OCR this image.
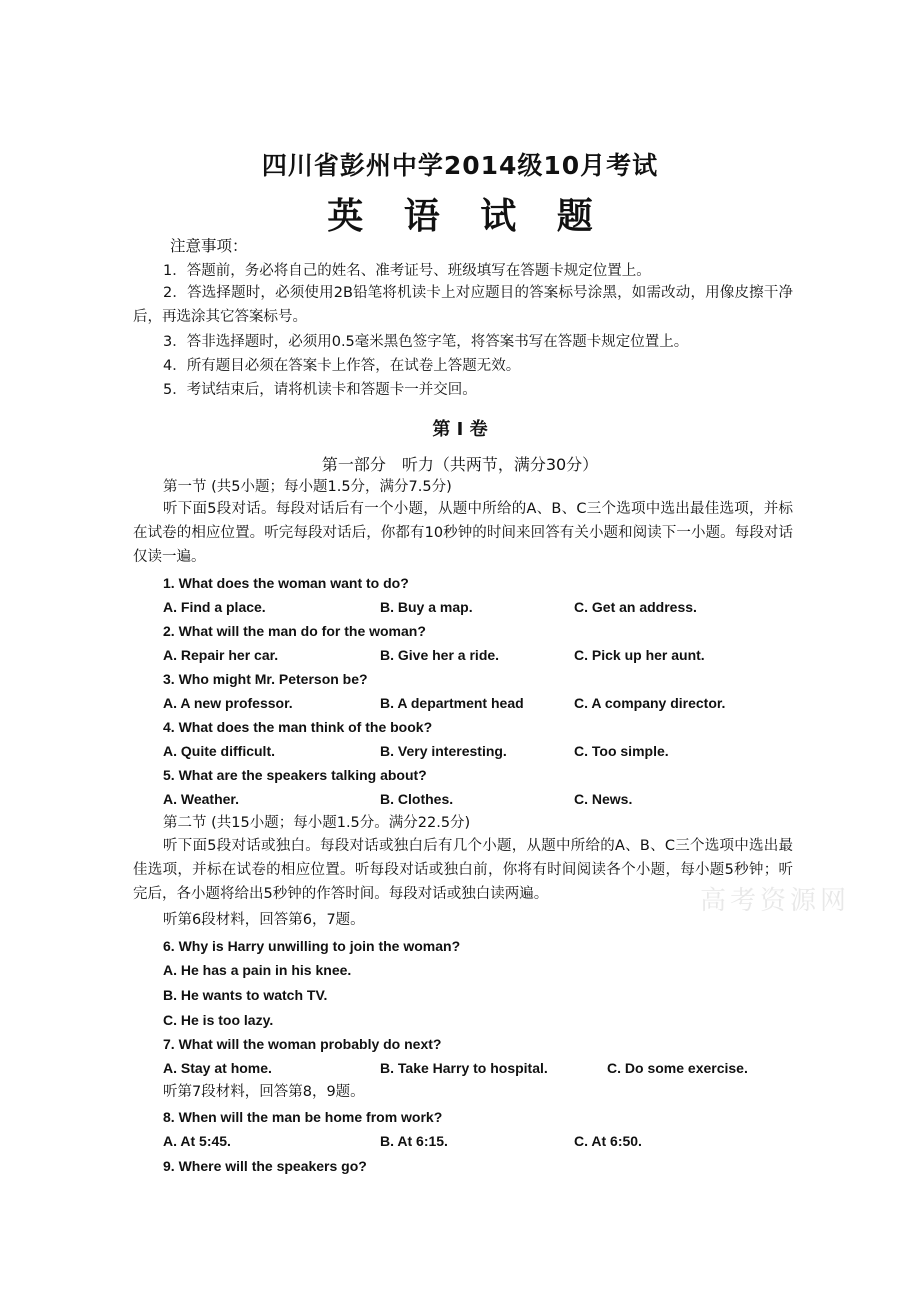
四川省彭州中学2014级10月考试
英 语 试 题
注意事项：
1．答题前，务必将自己的姓名、准考证号、班级填写在答题卡规定位置上。
2．答选择题时，必须使用2B铅笔将机读卡上对应题目的答案标号涂黑，如需改动，用像皮擦干净后，再选涂其它答案标号。
3．答非选择题时，必须用0.5毫米黑色签字笔，将答案书写在答题卡规定位置上。
4．所有题目必须在答案卡上作答，在试卷上答题无效。
5．考试结束后，请将机读卡和答题卡一并交回。
第 I 卷
第一部分　听力（共两节，满分30分）
第一节 (共5小题；每小题1.5分，满分7.5分)
听下面5段对话。每段对话后有一个小题，从题中所给的A、B、C三个选项中选出最佳选项，并标在试卷的相应位置。听完每段对话后，你都有10秒钟的时间来回答有关小题和阅读下一小题。每段对话仅读一遍。
1. What does the woman want to do?
A. Find a place.	B. Buy a map.	C. Get an address.
2. What will the man do for the woman?
A. Repair her car.	B. Give her a ride.	C. Pick up her aunt.
3. Who might Mr. Peterson be?
A. A new professor.	B. A department head	C. A company director.
4. What does the man think of the book?
A. Quite difficult.	B. Very interesting.	C. Too simple.
5. What are the speakers talking about?
A. Weather.	B. Clothes.	C. News.
第二节 (共15小题；每小题1.5分。满分22.5分)
听下面5段对话或独白。每段对话或独白后有几个小题，从题中所给的A、B、C三个选项中选出最佳选项，并标在试卷的相应位置。听每段对话或独白前，你将有时间阅读各个小题，每小题5秒钟；听完后，各小题将给出5秒钟的作答时间。每段对话或独白读两遍。
听第6段材料，回答第6，7题。
6. Why is Harry unwilling to join the woman?
A. He has a pain in his knee.
B. He wants to watch TV.
C. He is too lazy.
7. What will the woman probably do next?
A. Stay at home.	B. Take Harry to hospital.	C. Do some exercise.
听第7段材料，回答第8，9题。
8. When will the man be home from work?
A. At 5:45.	B. At 6:15.	C. At 6:50.
9. Where will the speakers go?
高考资源网
